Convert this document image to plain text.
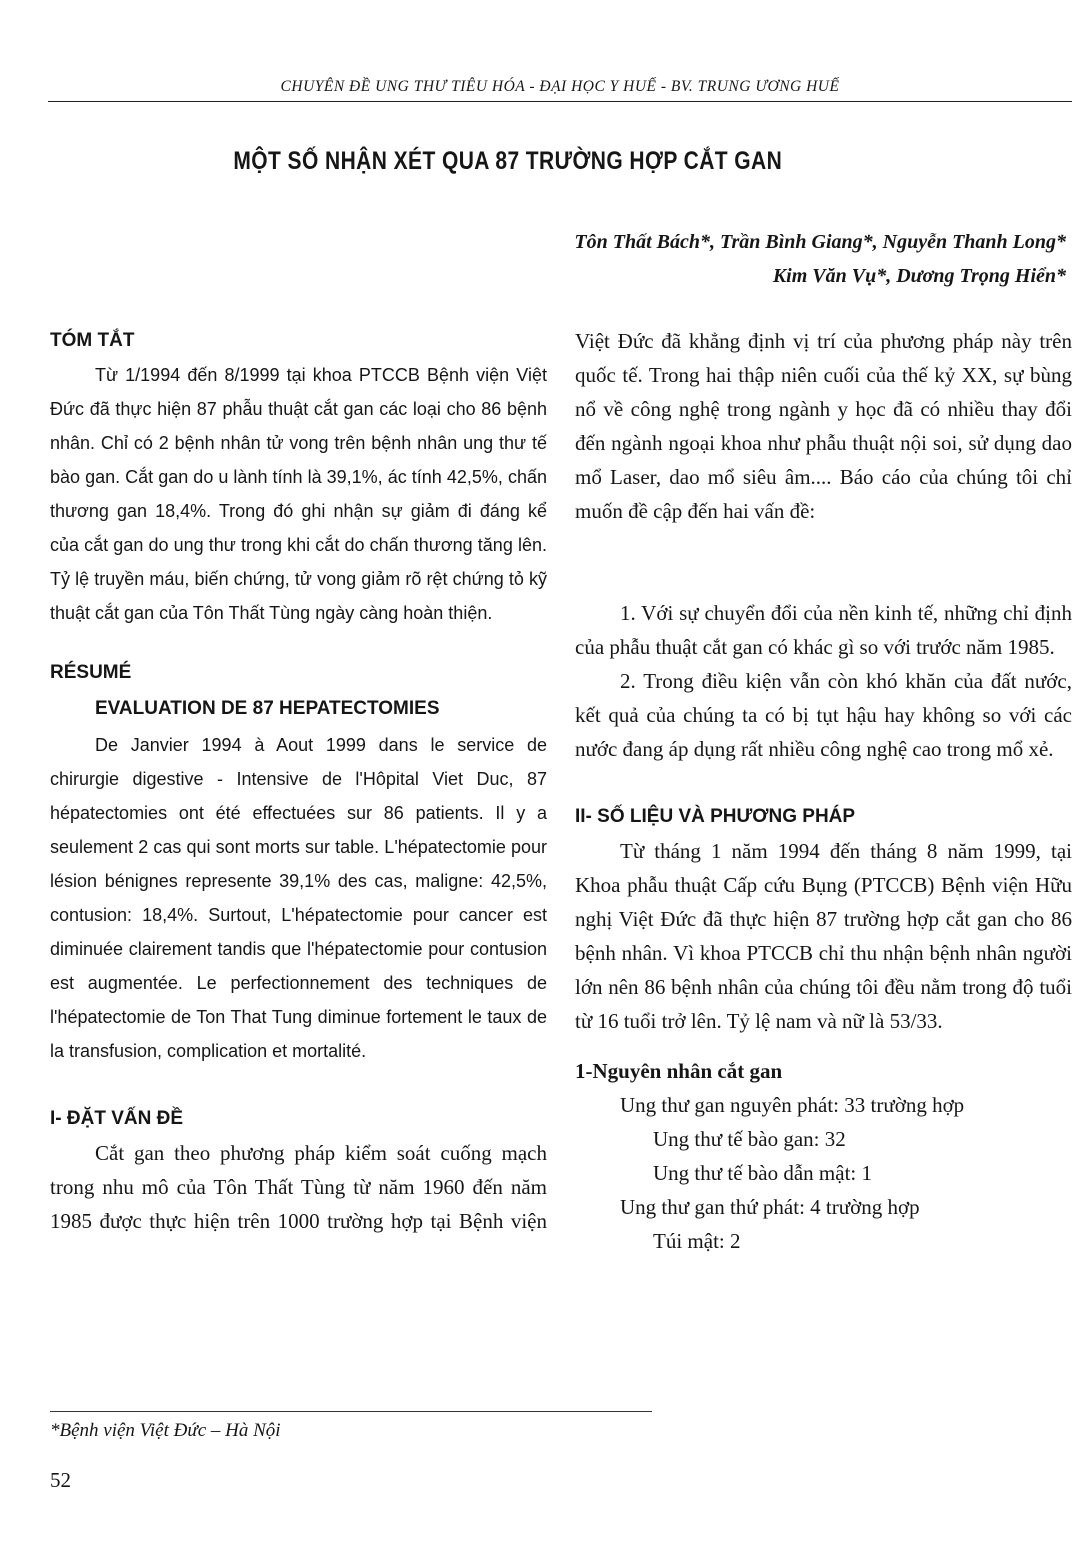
CHUYÊN ĐỀ UNG THƯ TIÊU HÓA - ĐẠI HỌC Y HUẾ - BV. TRUNG ƯƠNG HUẾ
MỘT SỐ NHẬN XÉT QUA 87 TRƯỜNG HỢP CẮT GAN
Tôn Thất Bách*, Trần Bình Giang*, Nguyễn Thanh Long*
Kim Văn Vụ*, Dương Trọng Hiển*
TÓM TẮT

Từ 1/1994 đến 8/1999 tại khoa PTCCB Bệnh viện Việt Đức đã thực hiện 87 phẫu thuật cắt gan các loại cho 86 bệnh nhân. Chỉ có 2 bệnh nhân tử vong trên bệnh nhân ung thư tế bào gan. Cắt gan do u lành tính là 39,1%, ác tính 42,5%, chấn thương gan 18,4%. Trong đó ghi nhận sự giảm đi đáng kể của cắt gan do ung thư trong khi cắt do chấn thương tăng lên. Tỷ lệ truyền máu, biến chứng, tử vong giảm rõ rệt chứng tỏ kỹ thuật cắt gan của Tôn Thất Tùng ngày càng hoàn thiện.

RÉSUMÉ
EVALUATION DE 87 HEPATECTOMIES

De Janvier 1994 à Aout 1999 dans le service de chirurgie digestive - Intensive de l'Hôpital Viet Duc, 87 hépatectomies ont été effectuées sur 86 patients. Il y a seulement 2 cas qui sont morts sur table. L'hépatectomie pour lésion bénignes represente 39,1% des cas, maligne: 42,5%, contusion: 18,4%. Surtout, L'hépatectomie pour cancer est diminuée clairement tandis que l'hépatectomie pour contusion est augmentée. Le perfectionnement des techniques de l'hépatectomie de Ton That Tung diminue fortement le taux de la transfusion, complication et mortalité.

I- ĐẶT VẤN ĐỀ

Cắt gan theo phương pháp kiểm soát cuống mạch trong nhu mô của Tôn Thất Tùng từ năm 1960 đến năm 1985 được thực hiện trên 1000 trường hợp tại Bệnh viện

Việt Đức đã khẳng định vị trí của phương pháp này trên quốc tế. Trong hai thập niên cuối của thế kỷ XX, sự bùng nổ về công nghệ trong ngành y học đã có nhiều thay đổi đến ngành ngoại khoa như phẫu thuật nội soi, sử dụng dao mổ Laser, dao mổ siêu âm.... Báo cáo của chúng tôi chỉ muốn đề cập đến hai vấn đề:

1. Với sự chuyển đổi của nền kinh tế, những chỉ định của phẫu thuật cắt gan có khác gì so với trước năm 1985.

2. Trong điều kiện vẫn còn khó khăn của đất nước, kết quả của chúng ta có bị tụt hậu hay không so với các nước đang áp dụng rất nhiều công nghệ cao trong mổ xẻ.

II- SỐ LIỆU VÀ PHƯƠNG PHÁP

Từ tháng 1 năm 1994 đến tháng 8 năm 1999, tại Khoa phẫu thuật Cấp cứu Bụng (PTCCB) Bệnh viện Hữu nghị Việt Đức đã thực hiện 87 trường hợp cắt gan cho 86 bệnh nhân. Vì khoa PTCCB chỉ thu nhận bệnh nhân người lớn nên 86 bệnh nhân của chúng tôi đều nằm trong độ tuổi từ 16 tuổi trở lên. Tỷ lệ nam và nữ là 53/33.

1-Nguyên nhân cắt gan
Ung thư gan nguyên phát: 33 trường hợp
Ung thư tế bào gan: 32
Ung thư tế bào dẫn mật: 1
Ung thư gan thứ phát: 4 trường hợp
Túi mật: 2
*Bệnh viện Việt Đức – Hà Nội
52
